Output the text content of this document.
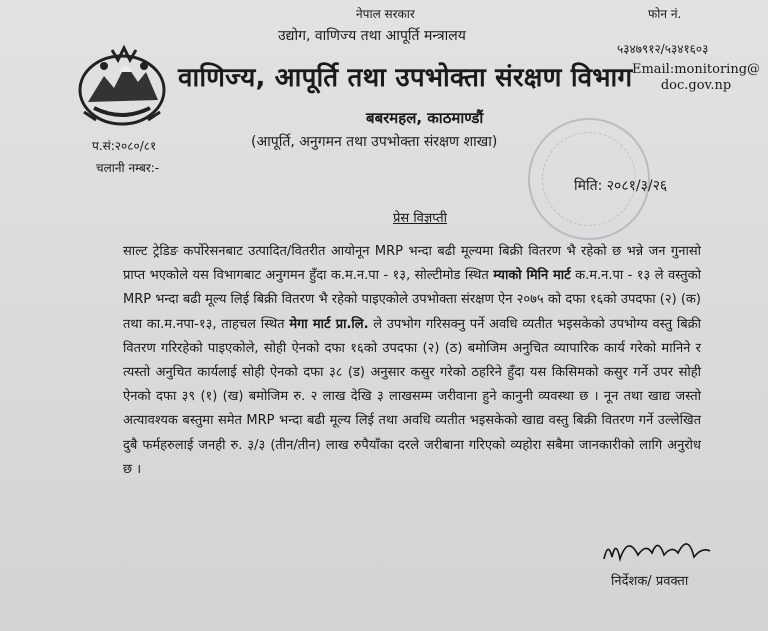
नेपाल सरकार
उद्योग, वाणिज्य तथा आपूर्ति मन्त्रालय
वाणिज्य, आपूर्ति तथा उपभोक्ता संरक्षण विभाग
बबरमहल, काठमाण्डौं
(आपूर्ति, अनुगमन तथा उपभोक्ता संरक्षण शाखा)
फोन नं.
५३४७९१२/५३४१६०३
Email:monitoring@ doc.gov.np
प.सं:२०८०/८१
चलानी नम्बर:-
मिति: २०८१/३/२६
प्रेस विज्ञप्ती
साल्ट ट्रेडिङ कर्पोरेसनबाट उत्पादित/वितरीत आयोनून MRP भन्दा बढी मूल्यमा बिक्री वितरण भै रहेको छ भन्ने जन गुनासो प्राप्त भएकोले यस विभागबाट अनुगमन हुँदा क.म.न.पा - १३, सोल्टीमोड स्थित म्याको मिनि मार्ट क.म.न.पा - १३ ले वस्तुको MRP भन्दा बढी मूल्य लिई बिक्री वितरण भै रहेको पाइएकोले उपभोक्ता संरक्षण ऐन २०७५ को दफा १६को उपदफा (२) (क) तथा का.म.नपा-१३, ताहचल स्थित मेगा मार्ट प्रा.लि. ले उपभोग गरिसक्नु पर्ने अवधि व्यतीत भइसकेको उपभोग्य वस्तु बिक्री वितरण गरिरहेको पाइएकोले, सोही ऐनको दफा १६को उपदफा (२) (ठ) बमोजिम अनुचित व्यापारिक कार्य गरेको मानिने र त्यस्तो अनुचित कार्यलाई सोही ऐनको दफा ३८ (ड) अनुसार कसुर गरेको ठहरिने हुँदा यस किसिमको कसुर गर्ने उपर सोही ऐनको दफा ३९ (१) (ख) बमोजिम रु. २ लाख देखि ३ लाखसम्म जरीवाना हुने कानुनी व्यवस्था छ । नून तथा खाद्य जस्तो अत्यावश्यक बस्तुमा समेत MRP भन्दा बढी मूल्य लिई तथा अवधि व्यतीत भइसकेको खाद्य वस्तु बिक्री वितरण गर्ने उल्लेखित दुबै फर्महरुलाई जनही रु. ३/३ (तीन/तीन) लाख रुपैयाँका दरले जरीबाना गरिएको व्यहोरा सबैमा जानकारीको लागि अनुरोध छ ।
निर्देशक/ प्रवक्ता
